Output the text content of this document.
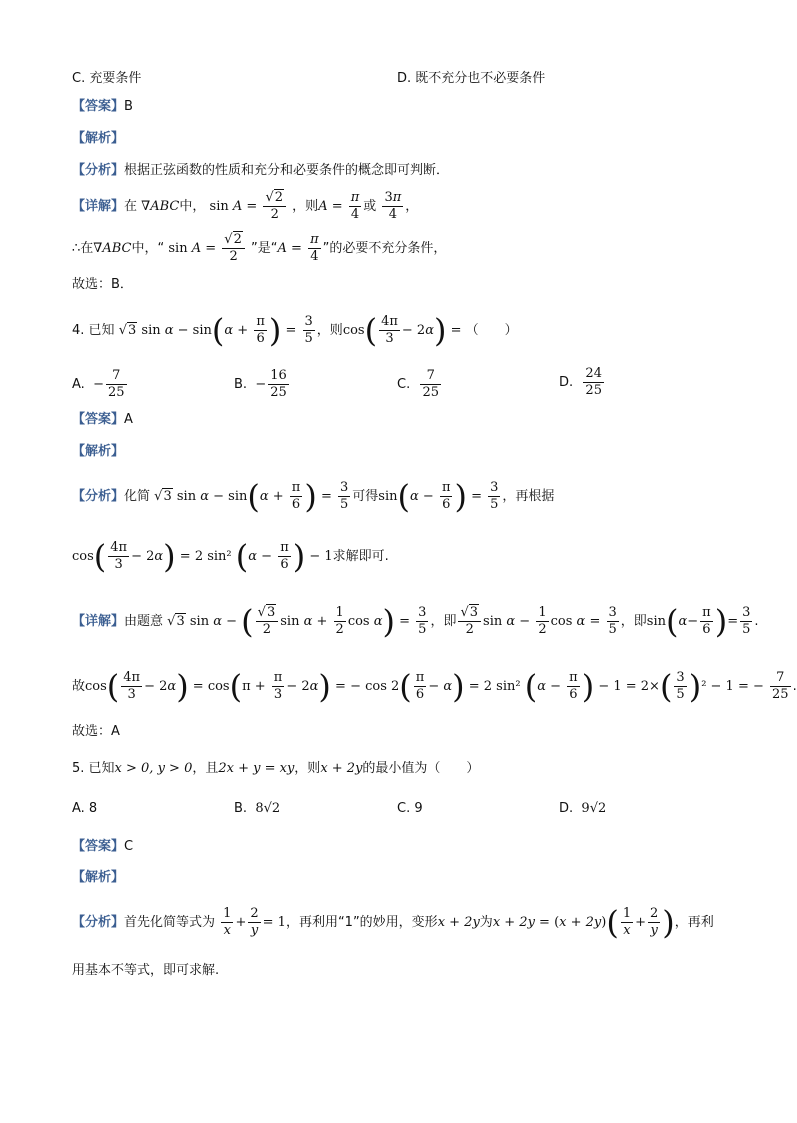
C. 充要条件	D. 既不充分也不必要条件
【答案】B
【解析】
【分析】根据正弦函数的性质和充分和必要条件的概念即可判断．
【详解】在 ∇ABC中， $\sin A = \frac{√2}{2}$ ，则$A = \frac{\pi}{4}$ 或 $\frac{3\pi}{4}$ ，
∴在∇ABC中，“ $\sin A = \frac{√2}{2}$ ”是“$A = \frac{\pi}{4}$ ”的必要不充分条件，
故选：B．
4. 已知 √3 $\sin \alpha - \sin(\alpha + \frac{\pi}{6}$ ) = $\frac{3}{5}$ ，则$\cos( \frac{4\pi}{3} - 2\alpha)$ = （　　）
A. − $\frac{7}{25}$	B. − $\frac{16}{25}$	C. $\frac{7}{25}$	D. $\frac{24}{25}$
【答案】A
【解析】
【分析】化简 √3 $\sin \alpha - \sin(\alpha + \frac{\pi}{6}$ ) = $\frac{3}{5}$ 可得$\sin(\alpha - \frac{\pi}{6}$ ) = $\frac{3}{5}$ ，再根据
$\cos( \frac{4\pi}{3} - 2\alpha) = 2$ sin² ($\alpha - \frac{\pi}{6}$ ) − 1求解即可.
【详解】由题意 √3 sin α − ( $\frac{√3}{2}$ $\sin \alpha + \frac{1}{2}$ $\cos \alpha) = \frac{3}{5}$ ，即 $\frac{√3}{2}$ $\sin \alpha - \frac{1}{2}$ $\cos \alpha = \frac{3}{5}$ ，即$\sin(\alpha- \frac{\pi}{6}$ )= $\frac{3}{5}$ .
故$\cos( \frac{4\pi}{3} - 2\alpha) = \cos(\pi + \frac{\pi}{3} - 2\alpha)$ = − $\cos 2( \frac{\pi}{6} - \alpha) = 2$ sin² ($\alpha - \frac{\pi}{6}$ ) − $1 = 2\times( \frac{3}{5} )^2 - 1$ = − $\frac{7}{25}$ .
故选：A
5. 已知x > 0, y > 0，且2x + y = xy，则x + 2y的最小值为（　　）
A. 8	B. 8√2	C. 9	D. 9√2
【答案】C
【解析】
【分析】首先化简等式为 $\frac{1}{x} + \frac{2}{y} = 1$，再利用“1”的妙用，变形x + 2y为$x + 2y = (x + 2y)( \frac{1}{x} + \frac{2}{y}$ )，再利
用基本不等式，即可求解.
